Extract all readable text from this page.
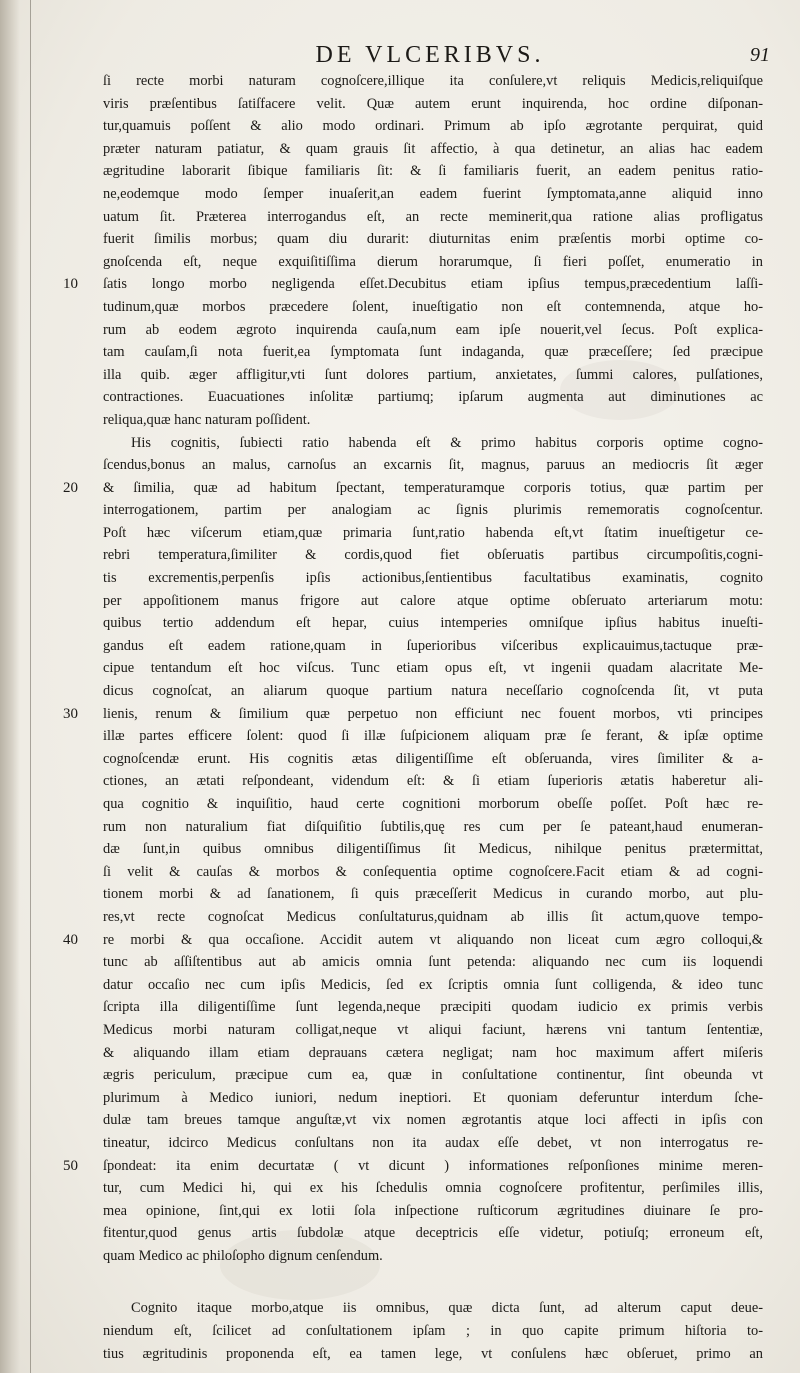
DE VLCERIBVS.	91
ſi recte morbi naturam cognoſcere,illique ita conſulere,vt reliquis Medicis,reliquiſque
viris præſentibus ſatiſfacere velit. Quæ autem erunt inquirenda, hoc ordine diſponan-
tur,quamuis poſſent & alio modo ordinari. Primum ab ipſo ægrotante perquirat, quid
præter naturam patiatur, & quam grauis ſit affectio, à qua detinetur, an alias hac eadem
ægritudine laborarit ſibique familiaris ſit: & ſi familiaris fuerit, an eadem penitus ratio-
ne,eodemque modo ſemper inuaſerit,an eadem fuerint ſymptomata,anne aliquid inno
uatum ſit. Præterea interrogandus eſt, an recte meminerit,qua ratione alias profligatus
fuerit ſimilis morbus; quam diu durarit: diuturnitas enim præſentis morbi optime co-
gnoſcenda eſt, neque exquiſitiſſima dierum horarumque, ſi fieri poſſet, enumeratio in
ſatis longo morbo negligenda eſſet.Decubitus etiam ipſius tempus,præcedentium laſſi-
10
tudinum,quæ morbos præcedere ſolent, inueſtigatio non eſt contemnenda, atque ho-
rum ab eodem ægroto inquirenda cauſa,num eam ipſe nouerit,vel ſecus. Poſt explica-
tam cauſam,ſi nota fuerit,ea ſymptomata ſunt indaganda, quæ præceſſere; ſed præcipue
illa quib. æger affligitur,vti ſunt dolores partium, anxietates, ſummi calores, pulſationes,
contractiones. Euacuationes inſolitæ partiumq; ipſarum augmenta aut diminutiones ac
reliqua,quæ hanc naturam poſſident.
His cognitis, ſubiecti ratio habenda eſt & primo habitus corporis optime cogno-
ſcendus,bonus an malus, carnoſus an excarnis ſit, magnus, paruus an mediocris ſit æger
& ſimilia, quæ ad habitum ſpectant, temperaturamque corporis totius, quæ partim per
20
interrogationem, partim per analogiam ac ſignis plurimis rememoratis cognoſcentur.
Poſt hæc viſcerum etiam,quæ primaria ſunt,ratio habenda eſt,vt ſtatim inueſtigetur ce-
rebri temperatura,ſimiliter & cordis,quod fiet obſeruatis partibus circumpoſitis,cogni-
tis excrementis,perpenſis ipſis actionibus,ſentientibus facultatibus examinatis, cognito
per appoſitionem manus frigore aut calore atque optime obſeruato arteriarum motu:
quibus tertio addendum eſt hepar, cuius intemperies omniſque ipſius habitus inueſti-
gandus eſt eadem ratione,quam in ſuperioribus viſceribus explicauimus,tactuque præ-
cipue tentandum eſt hoc viſcus. Tunc etiam opus eſt, vt ingenii quadam alacritate Me-
dicus cognoſcat, an aliarum quoque partium natura neceſſario cognoſcenda ſit, vt puta
lienis, renum & ſimilium quæ perpetuo non efficiunt nec fouent morbos, vti principes
30
illæ partes efficere ſolent: quod ſi illæ ſuſpicionem aliquam præ ſe ferant, & ipſæ optime
cognoſcendæ erunt. His cognitis ætas diligentiſſime eſt obſeruanda, vires ſimiliter & a-
ctiones, an ætati reſpondeant, videndum eſt: & ſi etiam ſuperioris ætatis haberetur ali-
qua cognitio & inquiſitio, haud certe cognitioni morborum obeſſe poſſet. Poſt hæc re-
rum non naturalium fiat diſquiſitio ſubtilis,quę res cum per ſe pateant,haud enumeran-
dæ ſunt,in quibus omnibus diligentiſſimus ſit Medicus, nihilque penitus prætermittat,
ſi velit & cauſas & morbos & conſequentia optime cognoſcere.Facit etiam & ad cogni-
tionem morbi & ad ſanationem, ſi quis præceſſerit Medicus in curando morbo, aut plu-
res,vt recte cognoſcat Medicus conſultaturus,quidnam ab illis ſit actum,quove tempo-
re morbi & qua occaſione. Accidit autem vt aliquando non liceat cum ægro colloqui,&
40
tunc ab aſſiſtentibus aut ab amicis omnia ſunt petenda: aliquando nec cum iis loquendi
datur occaſio nec cum ipſis Medicis, ſed ex ſcriptis omnia ſunt colligenda, & ideo tunc
ſcripta illa diligentiſſime ſunt legenda,neque præcipiti quodam iudicio ex primis verbis
Medicus morbi naturam colligat,neque vt aliqui faciunt, hærens vni tantum ſententiæ,
& aliquando illam etiam deprauans cætera negligat; nam hoc maximum affert miſeris
ægris periculum, præcipue cum ea, quæ in conſultatione continentur, ſint obeunda vt
plurimum à Medico iuniori, nedum ineptiori. Et quoniam deferuntur interdum ſche-
dulæ tam breues tamque anguſtæ,vt vix nomen ægrotantis atque loci affecti in ipſis con
tineatur, idcirco Medicus conſultans non ita audax eſſe debet, vt non interrogatus re-
ſpondeat: ita enim decurtatæ ( vt dicunt ) informationes reſponſiones minime meren-
50
tur, cum Medici hi, qui ex his ſchedulis omnia cognoſcere profitentur, perſimiles illis,
mea opinione, ſint,qui ex lotii ſola inſpectione ruſticorum ægritudines diuinare ſe pro-
fitentur,quod genus artis ſubdolæ atque deceptricis eſſe videtur, potiuſq; erroneum eſt,
quam Medico ac philoſopho dignum cenſendum.
Cognito itaque morbo,atque iis omnibus, quæ dicta ſunt, ad alterum caput deue-
niendum eſt, ſcilicet ad conſultationem ipſam ; in quo capite primum hiſtoria to-
tius ægritudinis proponenda eſt, ea tamen lege, vt conſulens hæc obſeruet, primo an
